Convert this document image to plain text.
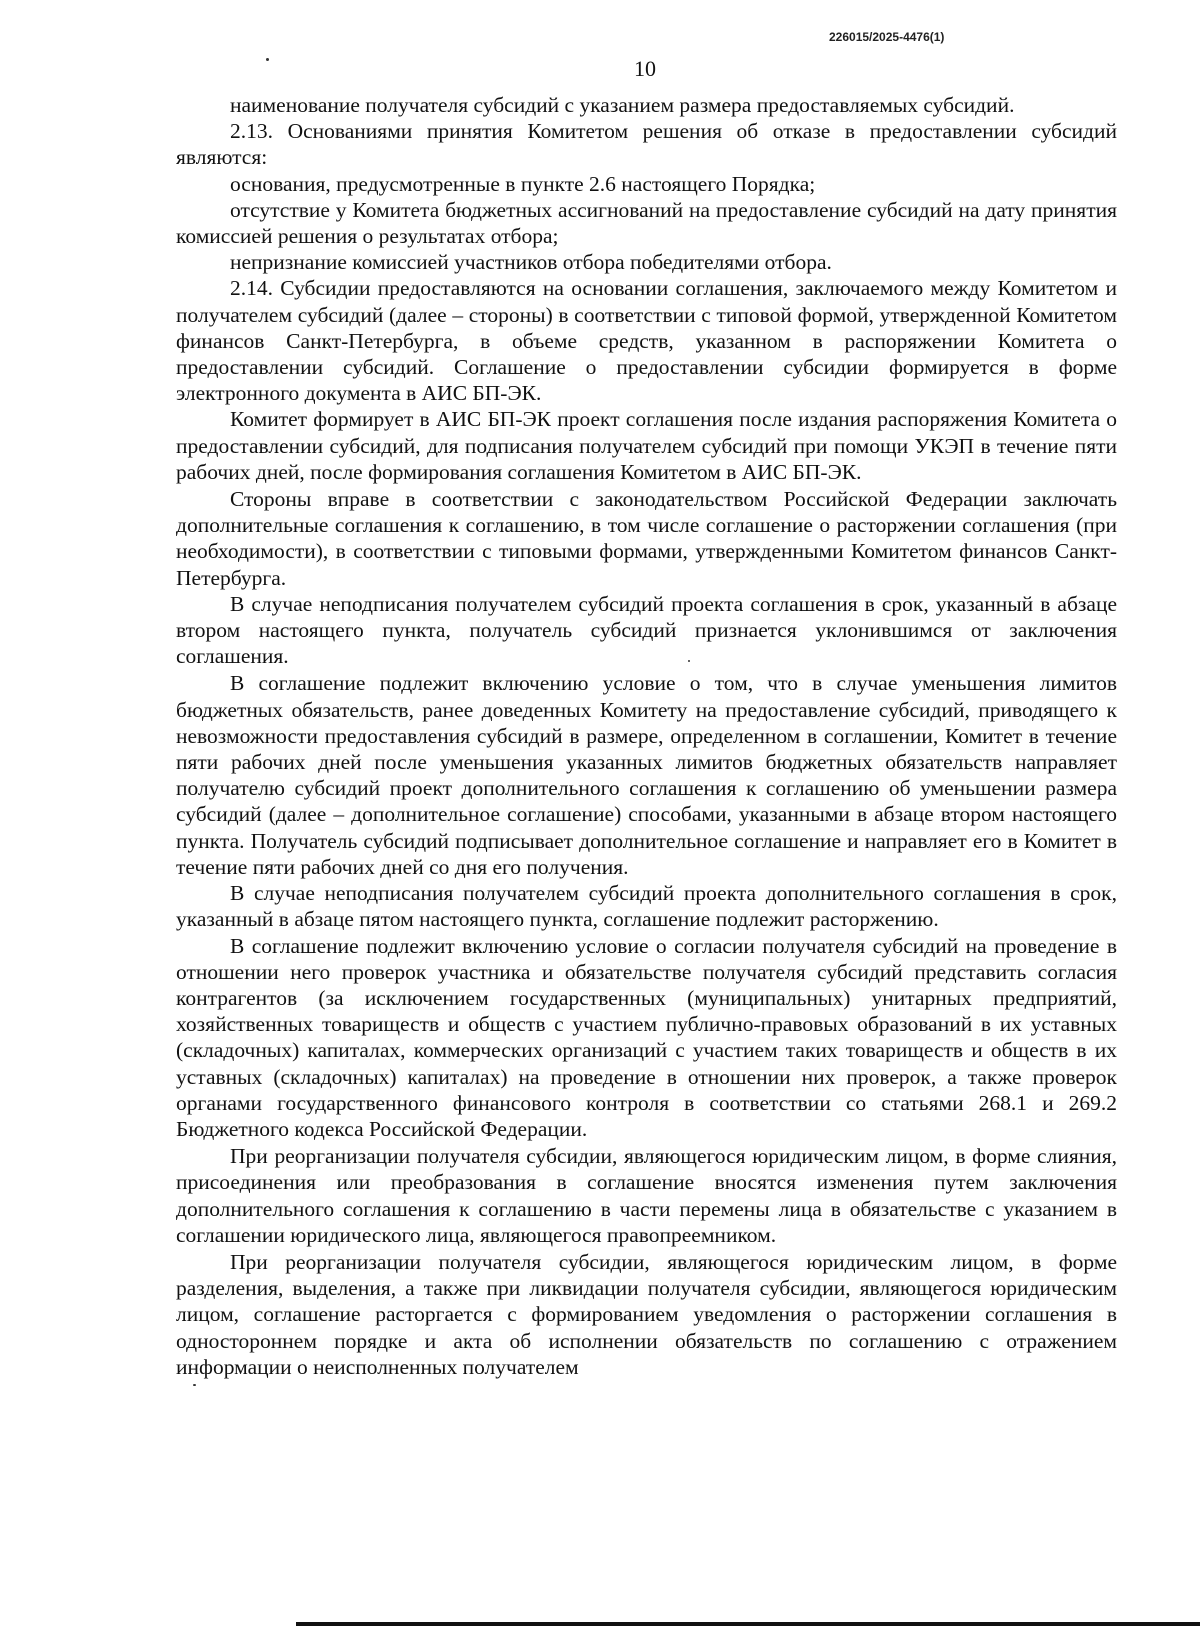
226015/2025-4476(1)
10

наименование получателя субсидий с указанием размера предоставляемых субсидий.

2.13. Основаниями принятия Комитетом решения об отказе в предоставлении субсидий являются:

основания, предусмотренные в пункте 2.6 настоящего Порядка;

отсутствие у Комитета бюджетных ассигнований на предоставление субсидий на дату принятия комиссией решения о результатах отбора;

непризнание комиссией участников отбора победителями отбора.

2.14. Субсидии предоставляются на основании соглашения, заключаемого между Комитетом и получателем субсидий (далее – стороны) в соответствии с типовой формой, утвержденной Комитетом финансов Санкт-Петербурга, в объеме средств, указанном в распоряжении Комитета о предоставлении субсидий. Соглашение о предоставлении субсидии формируется в форме электронного документа в АИС БП-ЭК.

Комитет формирует в АИС БП-ЭК проект соглашения после издания распоряжения Комитета о предоставлении субсидий, для подписания получателем субсидий при помощи УКЭП в течение пяти рабочих дней, после формирования соглашения Комитетом в АИС БП-ЭК.

Стороны вправе в соответствии с законодательством Российской Федерации заключать дополнительные соглашения к соглашению, в том числе соглашение о расторжении соглашения (при необходимости), в соответствии с типовыми формами, утвержденными Комитетом финансов Санкт-Петербурга.

В случае неподписания получателем субсидий проекта соглашения в срок, указанный в абзаце втором настоящего пункта, получатель субсидий признается уклонившимся от заключения соглашения.

В соглашение подлежит включению условие о том, что в случае уменьшения лимитов бюджетных обязательств, ранее доведенных Комитету на предоставление субсидий, приводящего к невозможности предоставления субсидий в размере, определенном в соглашении, Комитет в течение пяти рабочих дней после уменьшения указанных лимитов бюджетных обязательств направляет получателю субсидий проект дополнительного соглашения к соглашению об уменьшении размера субсидий (далее – дополнительное соглашение) способами, указанными в абзаце втором настоящего пункта. Получатель субсидий подписывает дополнительное соглашение и направляет его в Комитет в течение пяти рабочих дней со дня его получения.

В случае неподписания получателем субсидий проекта дополнительного соглашения в срок, указанный в абзаце пятом настоящего пункта, соглашение подлежит расторжению.

В соглашение подлежит включению условие о согласии получателя субсидий на проведение в отношении него проверок участника и обязательстве получателя субсидий представить согласия контрагентов (за исключением государственных (муниципальных) унитарных предприятий, хозяйственных товариществ и обществ с участием публично-правовых образований в их уставных (складочных) капиталах, коммерческих организаций с участием таких товариществ и обществ в их уставных (складочных) капиталах) на проведение в отношении них проверок, а также проверок органами государственного финансового контроля в соответствии со статьями 268.1 и 269.2 Бюджетного кодекса Российской Федерации.

При реорганизации получателя субсидии, являющегося юридическим лицом, в форме слияния, присоединения или преобразования в соглашение вносятся изменения путем заключения дополнительного соглашения к соглашению в части перемены лица в обязательстве с указанием в соглашении юридического лица, являющегося правопреемником.

При реорганизации получателя субсидии, являющегося юридическим лицом, в форме разделения, выделения, а также при ликвидации получателя субсидии, являющегося юридическим лицом, соглашение расторгается с формированием уведомления о расторжении соглашения в одностороннем порядке и акта об исполнении обязательств по соглашению с отражением информации о неисполненных получателем
